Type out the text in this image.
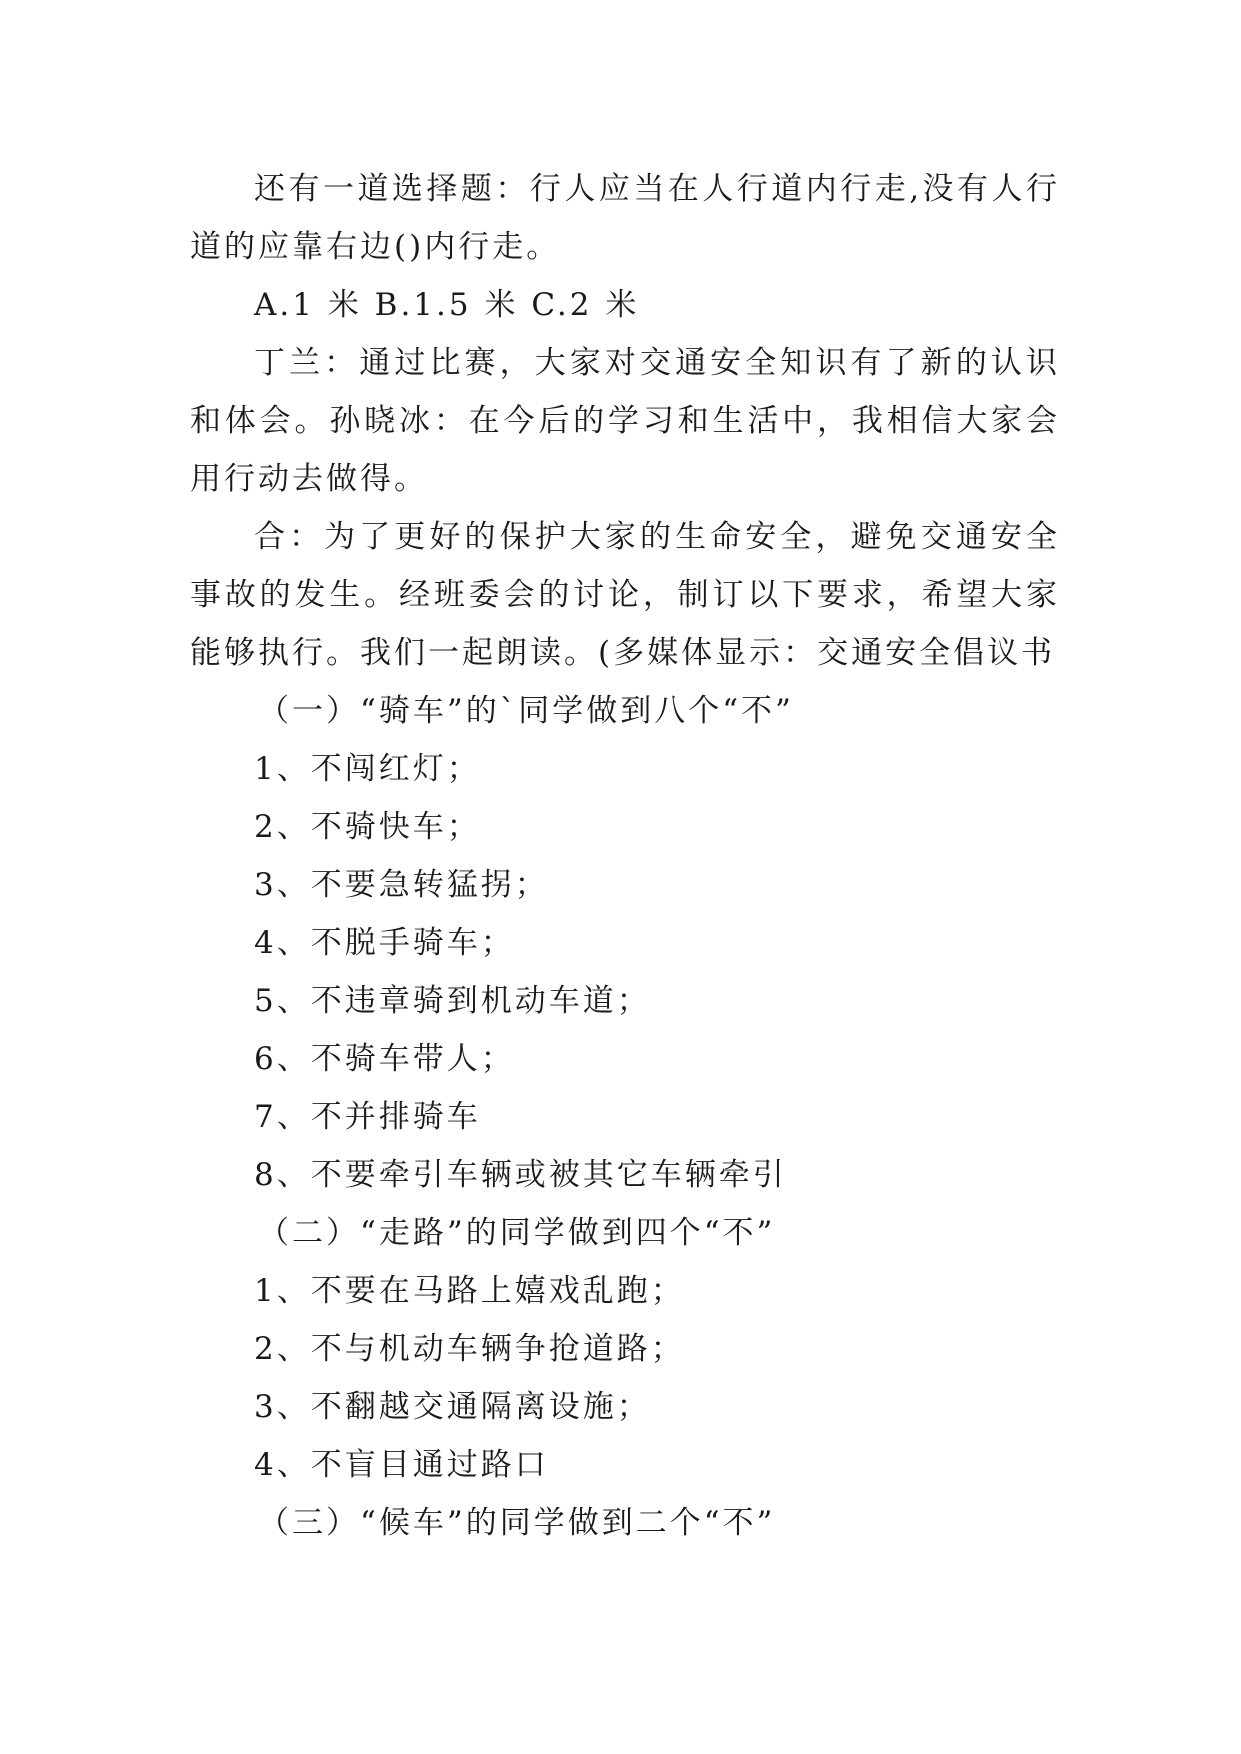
还有一道选择题：行人应当在人行道内行走,没有人行道的应靠右边()内行走。

A.1 米 B.1.5 米 C.2 米

丁兰：通过比赛，大家对交通安全知识有了新的认识和体会。孙晓冰：在今后的学习和生活中，我相信大家会用行动去做得。

合：为了更好的保护大家的生命安全，避免交通安全事故的发生。经班委会的讨论，制订以下要求，希望大家能够执行。我们一起朗读。(多媒体显示：交通安全倡议书

（一）“骑车”的`同学做到八个“不”

1、不闯红灯；

2、不骑快车；

3、不要急转猛拐；

4、不脱手骑车；

5、不违章骑到机动车道；

6、不骑车带人；

7、不并排骑车

8、不要牵引车辆或被其它车辆牵引

（二）“走路”的同学做到四个“不”

1、不要在马路上嬉戏乱跑；

2、不与机动车辆争抢道路；

3、不翻越交通隔离设施；

4、不盲目通过路口

（三）“候车”的同学做到二个“不”
